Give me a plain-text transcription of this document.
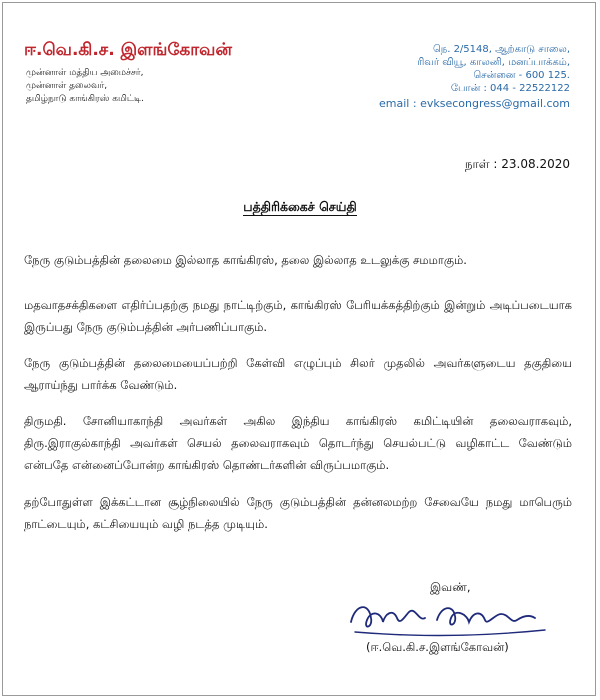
ஈ.வெ.கி.ச. இளங்கோவன்
முன்னாள் மத்திய அமைச்சர்,
முன்னாள் தலைவர்,
தமிழ்நாடு காங்கிரஸ் கமிட்டி.
நெ. 2/5148, ஆற்காடு சாலை,
ரிவர் வியூ, காலனி, மனப்பாக்கம்,
சென்னை - 600 125.
போன் : 044 - 22522122
email : evksecongress@gmail.com
நாள் : 23.08.2020
பத்திரிக்கைச் செய்தி
நேரு குடும்பத்தின் தலைமை இல்லாத காங்கிரஸ், தலை இல்லாத உடலுக்கு சமமாகும்.
மதவாதசக்திகளை எதிர்ப்பதற்கு நமது நாட்டிற்கும், காங்கிரஸ் பேரியக்கத்திற்கும் இன்றும் அடிப்படையாக இருப்பது நேரு குடும்பத்தின் அர்பணிப்பாகும்.
நேரு குடும்பத்தின் தலைமையைப்பற்றி கேள்வி எழுப்பும் சிலர் முதலில் அவர்களுடைய தகுதியை ஆராய்ந்து பார்க்க வேண்டும்.
திருமதி. சோனியாகாந்தி அவர்கள் அகில இந்திய காங்கிரஸ் கமிட்டியின் தலைவராகவும், திரு.இராகுல்காந்தி அவர்கள் செயல் தலைவராகவும் தொடர்ந்து செயல்பட்டு வழிகாட்ட வேண்டும் என்பதே என்னைப்போன்ற காங்கிரஸ் தொண்டர்களின் விருப்பமாகும்.
தற்போதுள்ள இக்கட்டான சூழ்நிலையில் நேரு குடும்பத்தின் தன்னலமற்ற சேவையே நமது மாபெரும் நாட்டையும், கட்சியையும் வழி நடத்த முடியும்.
இவண்,
(ஈ.வெ.கி.ச.இளங்கோவன்)
